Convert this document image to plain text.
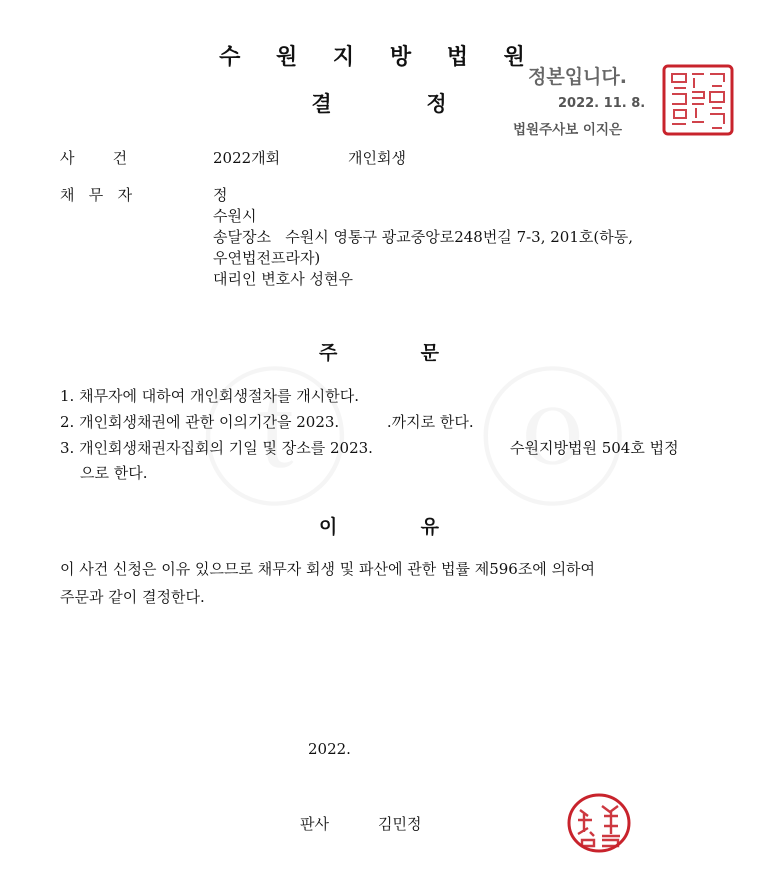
수 원 지 방 법 원
결	정
정본입니다.
2022. 11. 8.
법원주사보 이지은
사        건	2022개회	개인회생
채   무   자	정
수원시
송달장소   수원시 영통구 광교중앙로248번길 7-3, 201호(하동,
우연법전프라자)
대리인 변호사 성현우
주	문
1. 채무자에 대하여 개인회생절차를 개시한다.
2. 개인회생채권에 관한 이의기간을 2023.          .까지로 한다.
3. 개인회생채권자집회의 기일 및 장소를 2023.	수원지방법원 504호 법정
으로 한다.
이	유
이 사건 신청은 이유 있으므로 채무자 회생 및 파산에 관한 법률 제596조에 의하여
주문과 같이 결정한다.
2022.
판사	김민정
